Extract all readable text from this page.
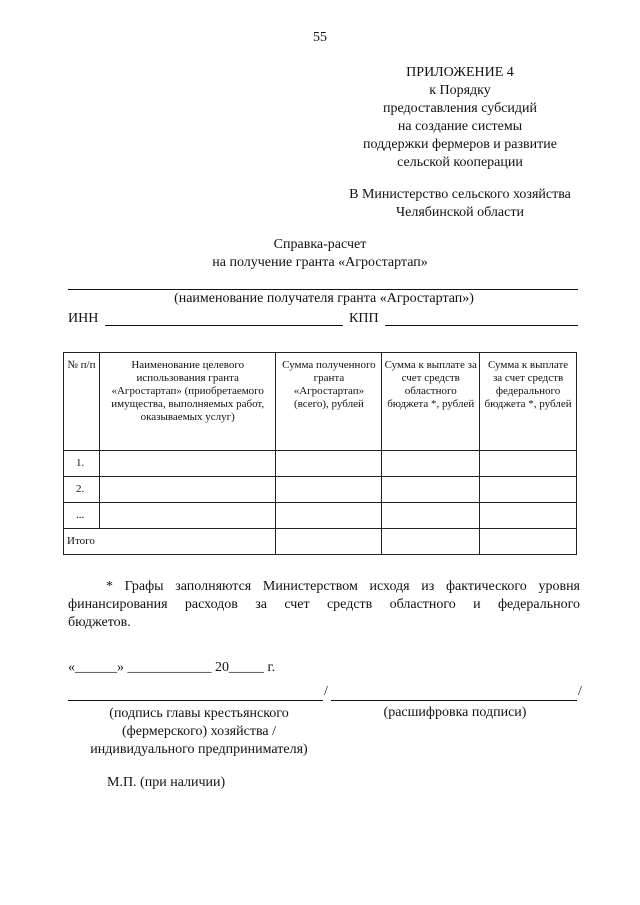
55
ПРИЛОЖЕНИЕ 4
к Порядку
предоставления субсидий
на создание системы
поддержки фермеров и развитие
сельской кооперации
В Министерство сельского хозяйства
Челябинской области
Справка-расчет
на получение гранта «Агростартап»
(наименование получателя гранта «Агростартап»)
ИНН	КПП
№ п/п	Наименование целевого использования гранта «Агростартап» (приобретаемого имущества, выполняемых работ, оказываемых услуг)	Сумма полученного гранта «Агростартап» (всего), рублей	Сумма к выплате за счет средств областного бюджета *, рублей	Сумма к выплате за счет средств федерального бюджета *, рублей
1.				
2.				
...				
Итого				
* Графы заполняются Министерством исходя из фактического уровня
финансирования расходов за счет средств областного и федерального
бюджетов.
«______» ____________ 20_____ г.
/	/
(подпись главы крестьянского
(фермерского) хозяйства /
индивидуального предпринимателя)
(расшифровка подписи)
М.П. (при наличии)
